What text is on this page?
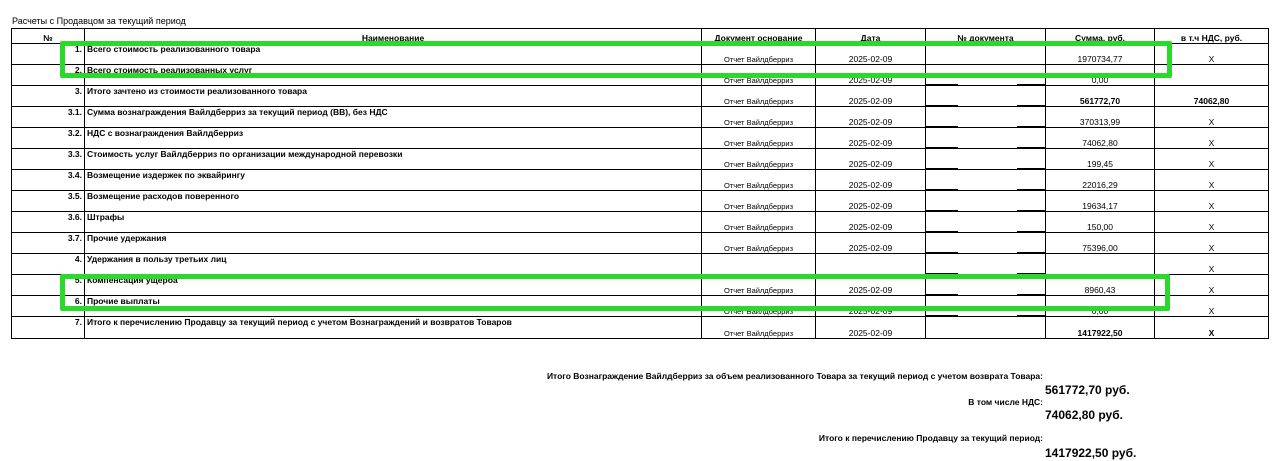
Расчеты с Продавцом за текущий период
№	Наименование	Документ основание	Дата	№ документа	Сумма, руб.	в т.ч НДС, руб.
1.	Всего стоимость реализованного товара	Отчет Вайлдберриз	2025-02-09		1970734,77	Х
2.	Всего стоимость реализованных услуг	Отчет Вайлдберриз	2025-02-09		0,00	
3.	Итого зачтено из стоимости реализованного товара	Отчет Вайлдберриз	2025-02-09		561772,70	74062,80
3.1.	Сумма вознаграждения Вайлдберриз за текущий период (ВВ), без НДС	Отчет Вайлдберриз	2025-02-09		370313,99	Х
3.2.	НДС с вознаграждения Вайлдберриз	Отчет Вайлдберриз	2025-02-09		74062,80	Х
3.3.	Стоимость услуг Вайлдберриз по организации международной перевозки	Отчет Вайлдберриз	2025-02-09		199,45	Х
3.4.	Возмещение издержек по эквайрингу	Отчет Вайлдберриз	2025-02-09		22016,29	Х
3.5.	Возмещение расходов поверенного	Отчет Вайлдберриз	2025-02-09		19634,17	Х
3.6.	Штрафы	Отчет Вайлдберриз	2025-02-09		150,00	Х
3.7.	Прочие удержания	Отчет Вайлдберриз	2025-02-09		75396,00	Х
4.	Удержания в пользу третьих лиц					Х
5.	Компенсация ущерба	Отчет Вайлдберриз	2025-02-09		8960,43	Х
6.	Прочие выплаты	Отчет Вайлдберриз	2025-02-09		0,00	Х
7.	Итого к перечислению Продавцу за текущий период с учетом Вознаграждений и возвратов Товаров	Отчет Вайлдберриз	2025-02-09		1417922,50	Х
Итого Вознаграждение Вайлдберриз за объем реализованного Товара за текущий период с учетом возврата Товара:
561772,70 руб.
В том числе НДС:
74062,80 руб.
Итого к перечислению Продавцу за текущий период:
1417922,50 руб.
